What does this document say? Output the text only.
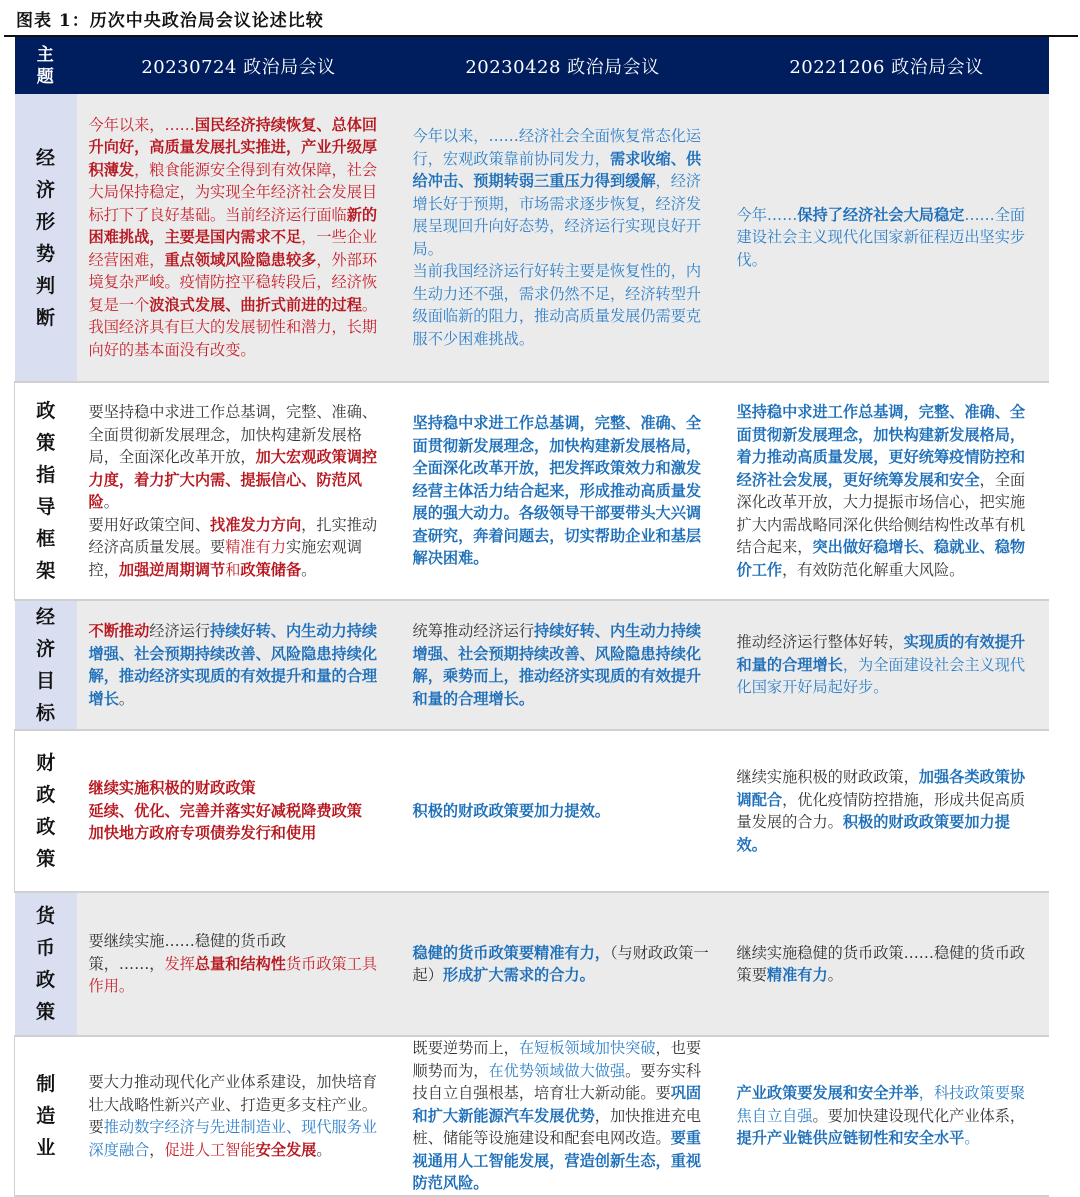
图表 1：历次中央政治局会议论述比较
主
题	20230724 政治局会议	20230428 政治局会议	20221206 政治局会议

经
济
形
势
判
断
	今年以来，……国民经济持续恢复、总体回升向好，高质量发展扎实推进，产业升级厚积薄发，粮食能源安全得到有效保障，社会大局保持稳定，为实现全年经济社会发展目标打下了良好基础。当前经济运行面临新的困难挑战，主要是国内需求不足，一些企业经营困难，重点领域风险隐患较多，外部环境复杂严峻。疫情防控平稳转段后，经济恢复是一个波浪式发展、曲折式前进的过程。我国经济具有巨大的发展韧性和潜力，长期向好的基本面没有改变。	今年以来，……经济社会全面恢复常态化运行，宏观政策靠前协同发力，需求收缩、供给冲击、预期转弱三重压力得到缓解，经济增长好于预期，市场需求逐步恢复，经济发展呈现回升向好态势，经济运行实现良好开局。
当前我国经济运行好转主要是恢复性的，内生动力还不强，需求仍然不足，经济转型升级面临新的阻力，推动高质量发展仍需要克服不少困难挑战。	今年……保持了经济社会大局稳定……全面建设社会主义现代化国家新征程迈出坚实步伐。

政
策
指
导
框
架
	要坚持稳中求进工作总基调，完整、准确、全面贯彻新发展理念，加快构建新发展格局，全面深化改革开放，加大宏观政策调控力度，着力扩大内需、提振信心、防范风险。
要用好政策空间、找准发力方向，扎实推动经济高质量发展。要精准有力实施宏观调控，加强逆周期调节和政策储备。	坚持稳中求进工作总基调，完整、准确、全面贯彻新发展理念，加快构建新发展格局，全面深化改革开放，把发挥政策效力和激发经营主体活力结合起来，形成推动高质量发展的强大动力。各级领导干部要带头大兴调查研究，奔着问题去，切实帮助企业和基层解决困难。	坚持稳中求进工作总基调，完整、准确、全面贯彻新发展理念，加快构建新发展格局，着力推动高质量发展，更好统筹疫情防控和经济社会发展，更好统筹发展和安全，全面深化改革开放，大力提振市场信心，把实施扩大内需战略同深化供给侧结构性改革有机结合起来，突出做好稳增长、稳就业、稳物价工作，有效防范化解重大风险。

经
济
目
标	不断推动经济运行持续好转、内生动力持续增强、社会预期持续改善、风险隐患持续化解，推动经济实现质的有效提升和量的合理增长。	统筹推动经济运行持续好转、内生动力持续增强、社会预期持续改善、风险隐患持续化解，乘势而上，推动经济实现质的有效提升和量的合理增长。	推动经济运行整体好转，实现质的有效提升和量的合理增长，为全面建设社会主义现代化国家开好局起好步。

财
政
政
策	继续实施积极的财政政策
延续、优化、完善并落实好减税降费政策
加快地方政府专项债券发行和使用	积极的财政政策要加力提效。	继续实施积极的财政政策，加强各类政策协调配合，优化疫情防控措施，形成共促高质量发展的合力。积极的财政政策要加力提效。

货
币
政
策	要继续实施……稳健的货币政
策，……，发挥总量和结构性货币政策工具作用。	稳健的货币政策要精准有力，（与财政政策一起）形成扩大需求的合力。	继续实施稳健的货币政策……稳健的货币政策要精准有力。

制
造
业	要大力推动现代化产业体系建设，加快培育壮大战略性新兴产业、打造更多支柱产业。要推动数字经济与先进制造业、现代服务业深度融合，促进人工智能安全发展。	既要逆势而上，在短板领域加快突破，也要顺势而为，在优势领域做大做强。要夯实科技自立自强根基，培育壮大新动能。要巩固和扩大新能源汽车发展优势，加快推进充电桩、储能等设施建设和配套电网改造。要重视通用人工智能发展，营造创新生态，重视防范风险。	产业政策要发展和安全并举，科技政策要聚焦自立自强。要加快建设现代化产业体系，提升产业链供应链韧性和安全水平。
